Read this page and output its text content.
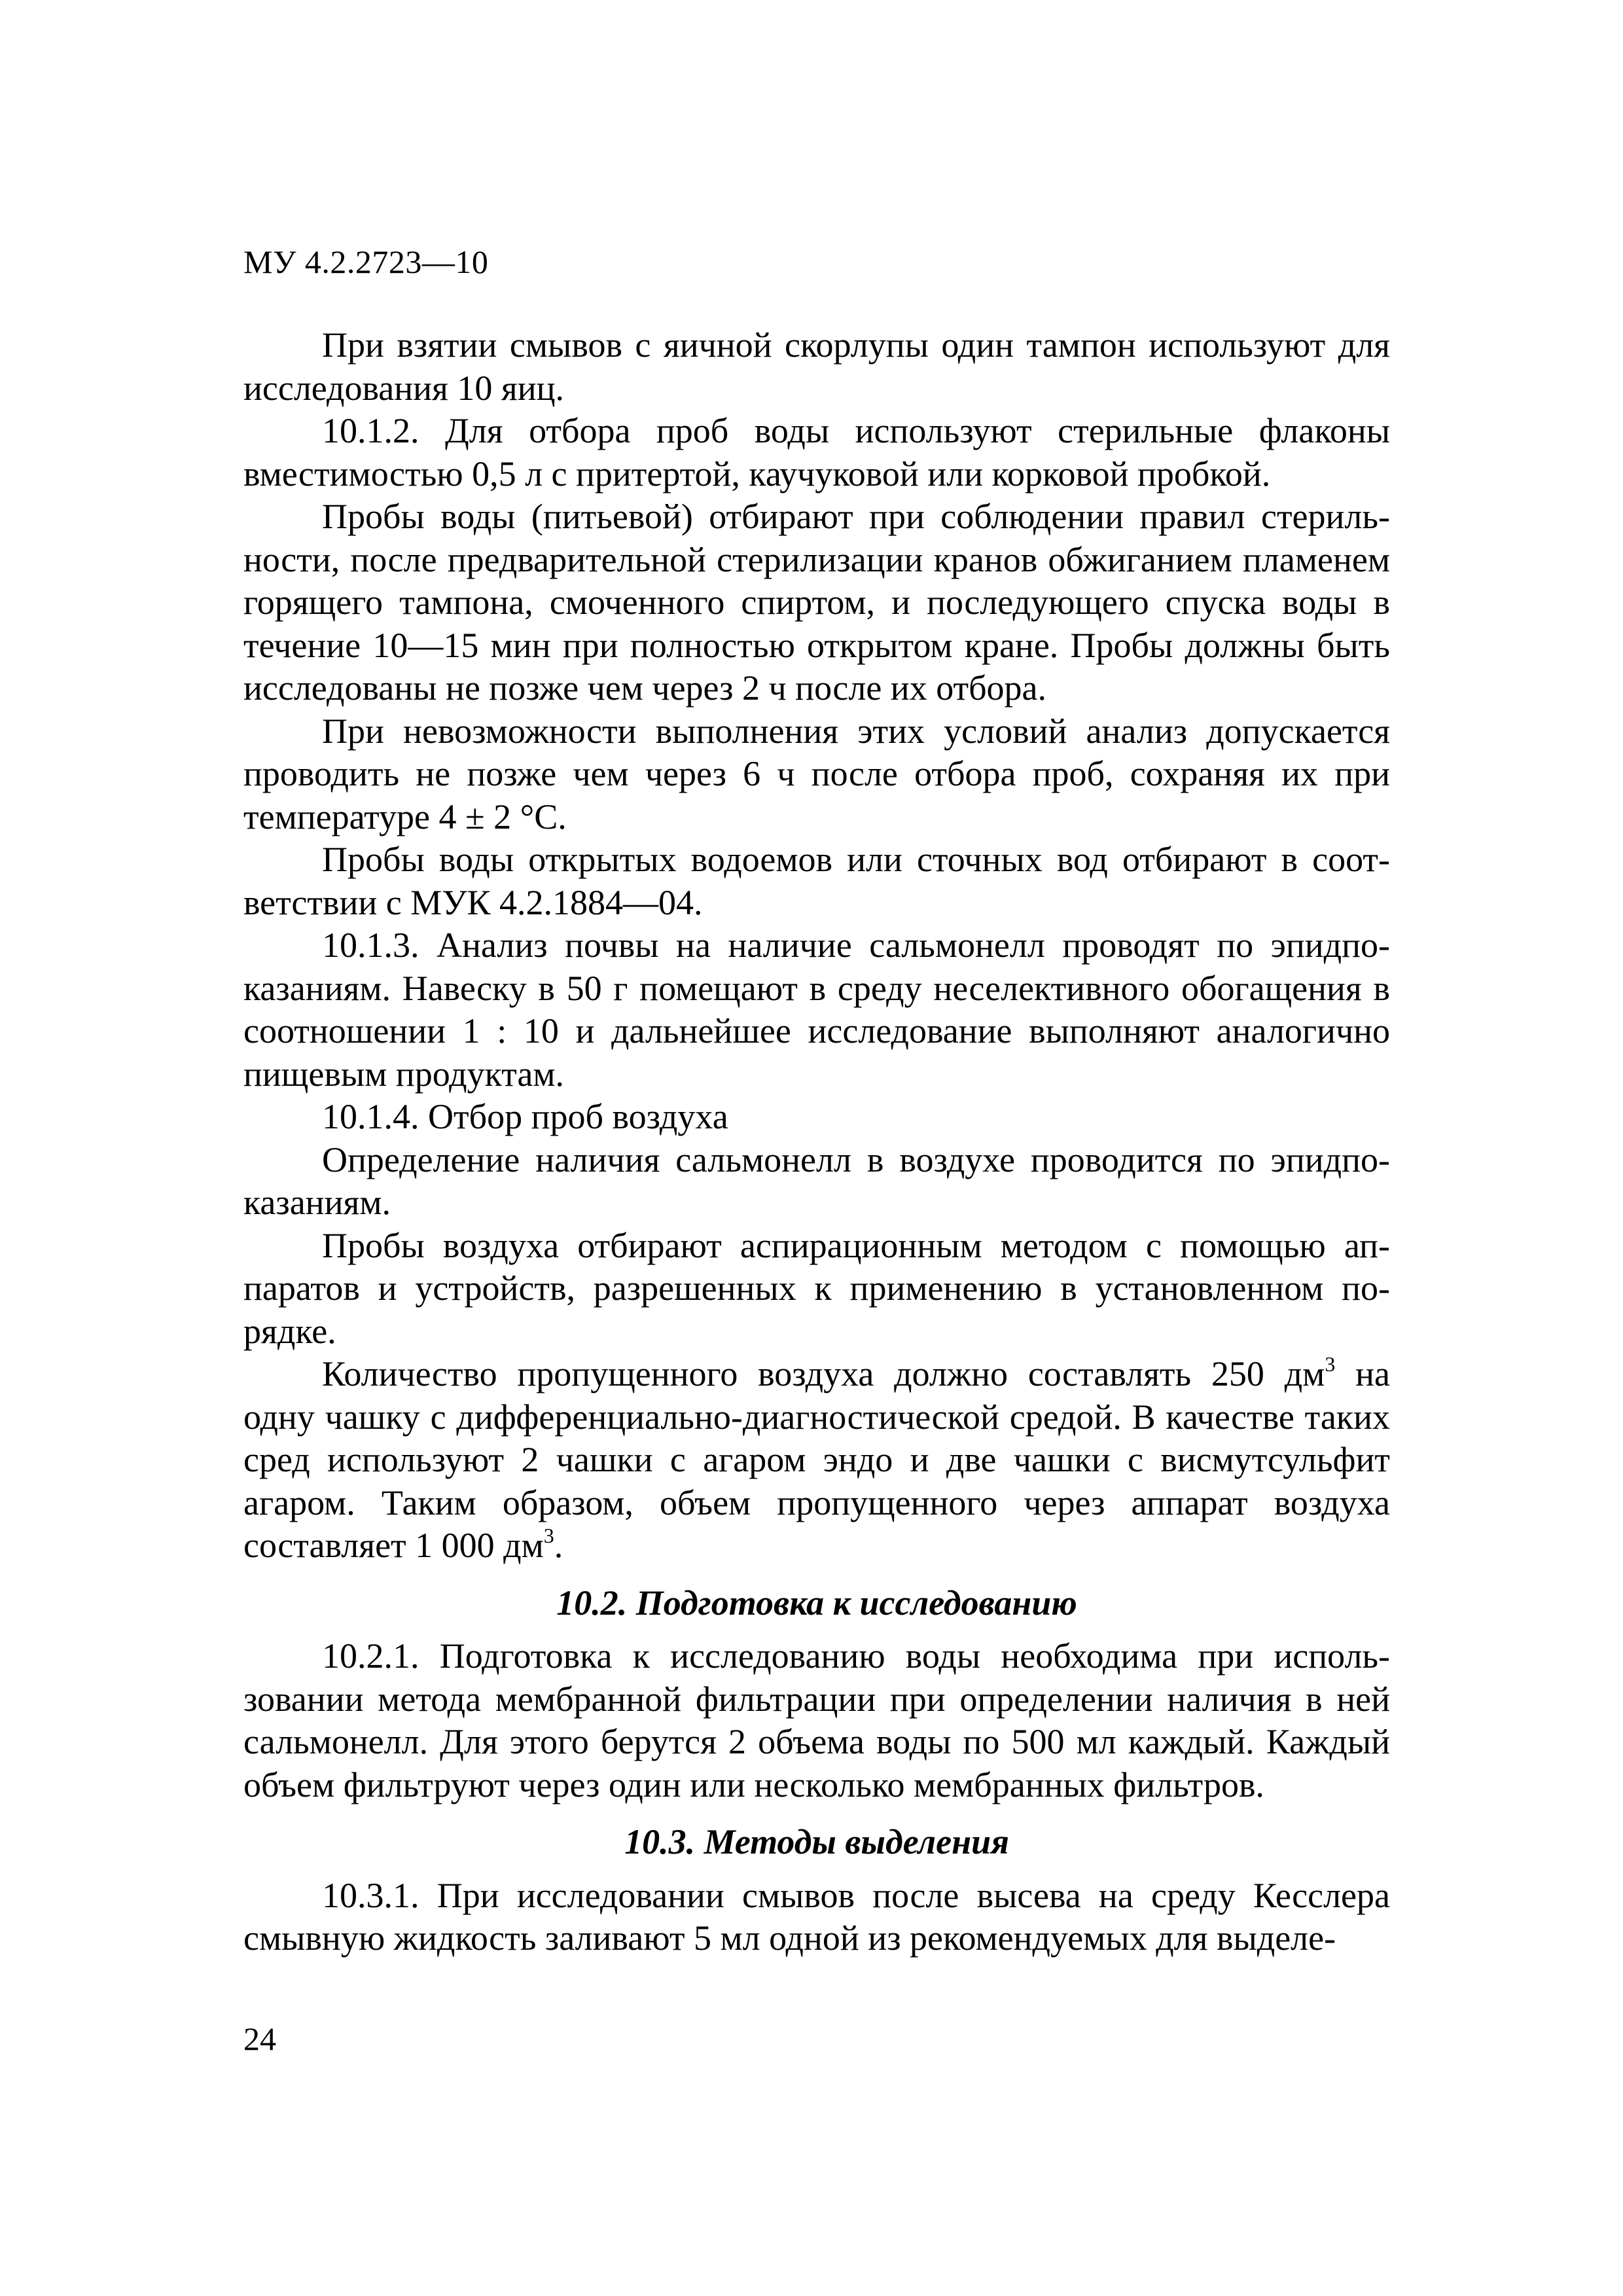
МУ 4.2.2723—10

При взятии смывов с яичной скорлупы один тампон используют для исследования 10 яиц.

10.1.2. Для отбора проб воды используют стерильные флаконы вместимостью 0,5 л с притертой, каучуковой или корковой пробкой.

Пробы воды (питьевой) отбирают при соблюдении правил стерильности, после предварительной стерилизации кранов обжиганием пламенем горящего тампона, смоченного спиртом, и последующего спуска воды в течение 10—15 мин при полностью открытом кране. Пробы должны быть исследованы не позже чем через 2 ч после их отбора.

При невозможности выполнения этих условий анализ допускается проводить не позже чем через 6 ч после отбора проб, сохраняя их при температуре 4 ± 2 °С.

Пробы воды открытых водоемов или сточных вод отбирают в соответствии с МУК 4.2.1884—04.

10.1.3. Анализ почвы на наличие сальмонелл проводят по эпидпоказаниям. Навеску в 50 г помещают в среду неселективного обогащения в соотношении 1 : 10 и дальнейшее исследование выполняют аналогично пищевым продуктам.

10.1.4. Отбор проб воздуха

Определение наличия сальмонелл в воздухе проводится по эпидпоказаниям.

Пробы воздуха отбирают аспирационным методом с помощью аппаратов и устройств, разрешенных к применению в установленном порядке.

Количество пропущенного воздуха должно составлять 250 $дм^3$ на одну чашку с дифференциально-диагностической средой. В качестве таких сред используют 2 чашки с агаром эндо и две чашки с висмутсульфит агаром. Таким образом, объем пропущенного через аппарат воздуха составляет 1 000 $дм^3$.

10.2. Подготовка к исследованию

10.2.1. Подготовка к исследованию воды необходима при использовании метода мембранной фильтрации при определении наличия в ней сальмонелл. Для этого берутся 2 объема воды по 500 мл каждый. Каждый объем фильтруют через один или несколько мембранных фильтров.

10.3. Методы выделения

10.3.1. При исследовании смывов после высева на среду Кесслера смывную жидкость заливают 5 мл одной из рекомендуемых для выделе-

24
